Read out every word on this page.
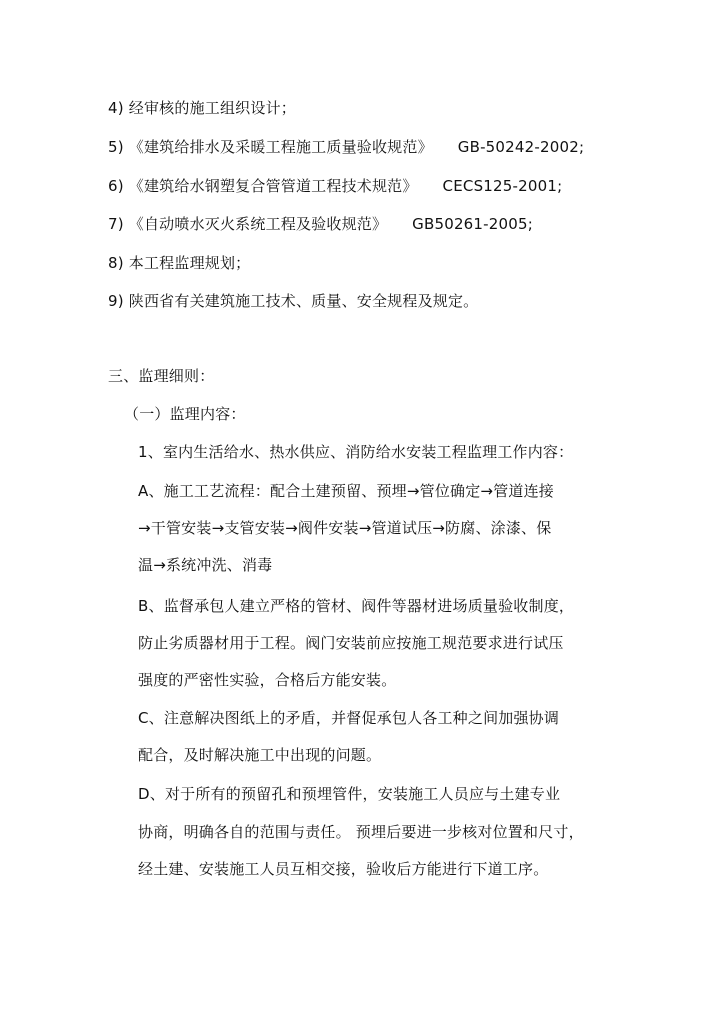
4) 经审核的施工组织设计；
5) 《建筑给排水及采暖工程施工质量验收规范》 GB-50242-2002;
6) 《建筑给水钢塑复合管管道工程技术规范》 CECS125-2001;
7) 《自动喷水灭火系统工程及验收规范》 GB50261-2005;
8) 本工程监理规划；
9) 陕西省有关建筑施工技术、质量、安全规程及规定。
三、监理细则：
（一）监理内容：
1、室内生活给水、热水供应、消防给水安装工程监理工作内容：
A、施工工艺流程：配合土建预留、预埋→管位确定→管道连接
→干管安装→支管安装→阀件安装→管道试压→防腐、涂漆、保
温→系统冲洗、消毒
B、监督承包人建立严格的管材、阀件等器材进场质量验收制度，
防止劣质器材用于工程。阀门安装前应按施工规范要求进行试压
强度的严密性实验，合格后方能安装。
C、注意解决图纸上的矛盾，并督促承包人各工种之间加强协调
配合，及时解决施工中出现的问题。
D、对于所有的预留孔和预埋管件，安装施工人员应与土建专业
协商，明确各自的范围与责任。 预埋后要进一步核对位置和尺寸，
经土建、安装施工人员互相交接，验收后方能进行下道工序。
